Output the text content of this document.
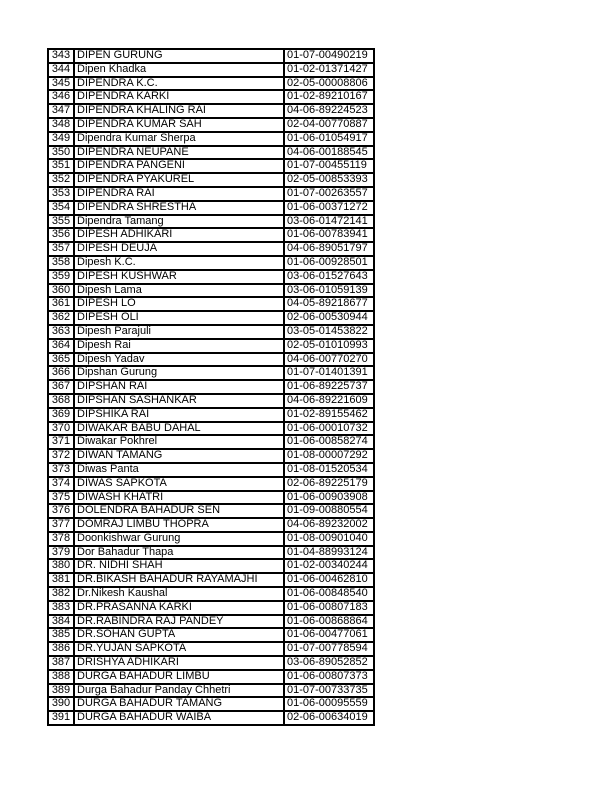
343	DIPEN GURUNG	01-07-00490219
344	Dipen Khadka	01-02-01371427
345	DIPENDRA K.C.	02-05-00008806
346	DIPENDRA KARKI	01-02-89210167
347	DIPENDRA KHALING RAI	04-06-89224523
348	DIPENDRA KUMAR SAH	02-04-00770887
349	Dipendra Kumar Sherpa	01-06-01054917
350	DIPENDRA NEUPANE	04-06-00188545
351	DIPENDRA PANGENI	01-07-00455119
352	DIPENDRA PYAKUREL	02-05-00853393
353	DIPENDRA RAI	01-07-00263557
354	DIPENDRA SHRESTHA	01-06-00371272
355	Dipendra Tamang	03-06-01472141
356	DIPESH ADHIKARI	01-06-00783941
357	DIPESH DEUJA	04-06-89051797
358	Dipesh K.C.	01-06-00928501
359	DIPESH KUSHWAR	03-06-01527643
360	Dipesh Lama	03-06-01059139
361	DIPESH LO	04-05-89218677
362	DIPESH OLI	02-06-00530944
363	Dipesh Parajuli	03-05-01453822
364	Dipesh Rai	02-05-01010993
365	Dipesh Yadav	04-06-00770270
366	Dipshan Gurung	01-07-01401391
367	DIPSHAN RAI	01-06-89225737
368	DIPSHAN SASHANKAR	04-06-89221609
369	DIPSHIKA RAI	01-02-89155462
370	DIWAKAR BABU DAHAL	01-06-00010732
371	Diwakar Pokhrel	01-06-00858274
372	DIWAN TAMANG	01-08-00007292
373	Diwas Panta	01-08-01520534
374	DIWAS SAPKOTA	02-06-89225179
375	DIWASH KHATRI	01-06-00903908
376	DOLENDRA BAHADUR SEN	01-09-00880554
377	DOMRAJ LIMBU THOPRA	04-06-89232002
378	Doonkishwar Gurung	01-08-00901040
379	Dor Bahadur Thapa	01-04-88993124
380	DR. NIDHI SHAH	01-02-00340244
381	DR.BIKASH BAHADUR RAYAMAJHI	01-06-00462810
382	Dr.Nikesh Kaushal	01-06-00848540
383	DR.PRASANNA KARKI	01-06-00807183
384	DR.RABINDRA RAJ PANDEY	01-06-00868864
385	DR.SOHAN GUPTA	01-06-00477061
386	DR.YUJAN SAPKOTA	01-07-00778594
387	DRISHYA ADHIKARI	03-06-89052852
388	DURGA BAHADUR LIMBU	01-06-00807373
389	Durga Bahadur Panday Chhetri	01-07-00733735
390	DURGA BAHADUR TAMANG	01-06-00095559
391	DURGA BAHADUR WAIBA	02-06-00634019
